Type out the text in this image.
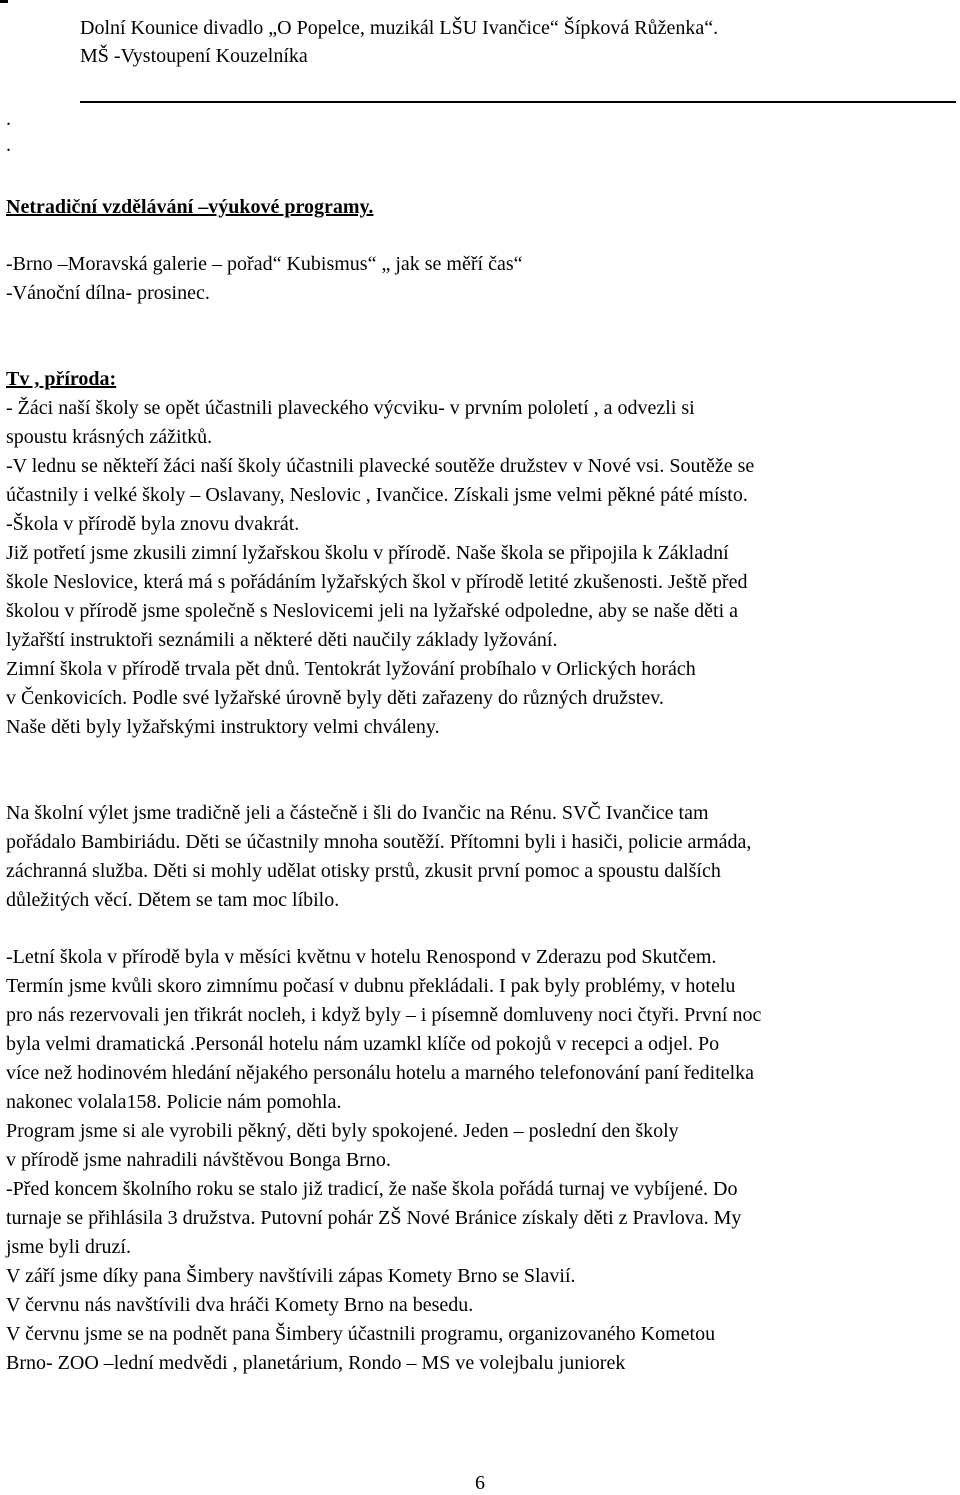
Dolní Kounice divadlo „O Popelce, muzikál LŠU Ivančice“ Šípková Růženka“.
MŠ -Vystoupení Kouzelníka
.
.
Netradiční vzdělávání –výukové programy.
-Brno –Moravská galerie – pořad“ Kubismus“ „ jak se měří čas“
-Vánoční dílna- prosinec.
Tv , příroda:
- Žáci naší školy se opět účastnili plaveckého výcviku- v prvním pololetí , a odvezli si
spoustu krásných zážitků.
-V lednu se někteří žáci naší školy účastnili plavecké soutěže družstev v Nové vsi. Soutěže se
účastnily i velké školy – Oslavany, Neslovic , Ivančice. Získali jsme velmi pěkné páté místo.
-Škola v přírodě byla znovu dvakrát.
Již potřetí jsme zkusili zimní lyžařskou školu v přírodě. Naše škola se připojila k Základní
škole Neslovice, která má s pořádáním lyžařských škol v přírodě letité zkušenosti. Ještě před
školou v přírodě jsme společně s Neslovicemi jeli na lyžařské odpoledne, aby se naše děti a
lyžařští instruktoři seznámili a některé děti naučily základy lyžování.
Zimní škola v přírodě trvala pět dnů. Tentokrát lyžování probíhalo v Orlických horách
v Čenkovicích. Podle své lyžařské úrovně byly děti zařazeny do různých družstev.
Naše děti byly lyžařskými instruktory velmi chváleny.
Na školní výlet jsme tradičně jeli a částečně i šli do Ivančic na Rénu. SVČ Ivančice tam
pořádalo Bambiriádu. Děti se účastnily mnoha soutěží. Přítomni byli i hasiči, policie armáda,
záchranná služba. Děti si mohly udělat otisky prstů, zkusit první pomoc a spoustu dalších
důležitých věcí. Dětem se tam moc líbilo.
-Letní škola v přírodě byla v měsíci květnu v hotelu Renospond v Zderazu pod Skutčem.
Termín jsme kvůli skoro zimnímu počasí v dubnu překládali. I pak byly problémy, v hotelu
pro nás rezervovali jen třikrát nocleh, i když byly – i písemně domluveny noci čtyři. První noc
byla velmi dramatická .Personál hotelu nám uzamkl klíče od pokojů v recepci a odjel. Po
více než hodinovém hledání nějakého personálu hotelu a marného telefonování paní ředitelka
nakonec volala158. Policie nám pomohla.
Program jsme si ale vyrobili pěkný, děti byly spokojené. Jeden – poslední den školy
v přírodě jsme nahradili návštěvou Bonga Brno.
-Před koncem školního roku se stalo již tradicí, že naše škola pořádá turnaj ve vybíjené. Do
turnaje se přihlásila 3 družstva. Putovní pohár ZŠ Nové Bránice získaly děti z Pravlova. My
jsme byli druzí.
V září jsme díky pana Šimbery navštívili zápas Komety Brno se Slavií.
V červnu nás navštívili dva hráči Komety Brno na besedu.
V červnu jsme se na podnět pana Šimbery účastnili programu, organizovaného Kometou
Brno- ZOO –lední medvědi , planetárium, Rondo – MS ve volejbalu juniorek
6
